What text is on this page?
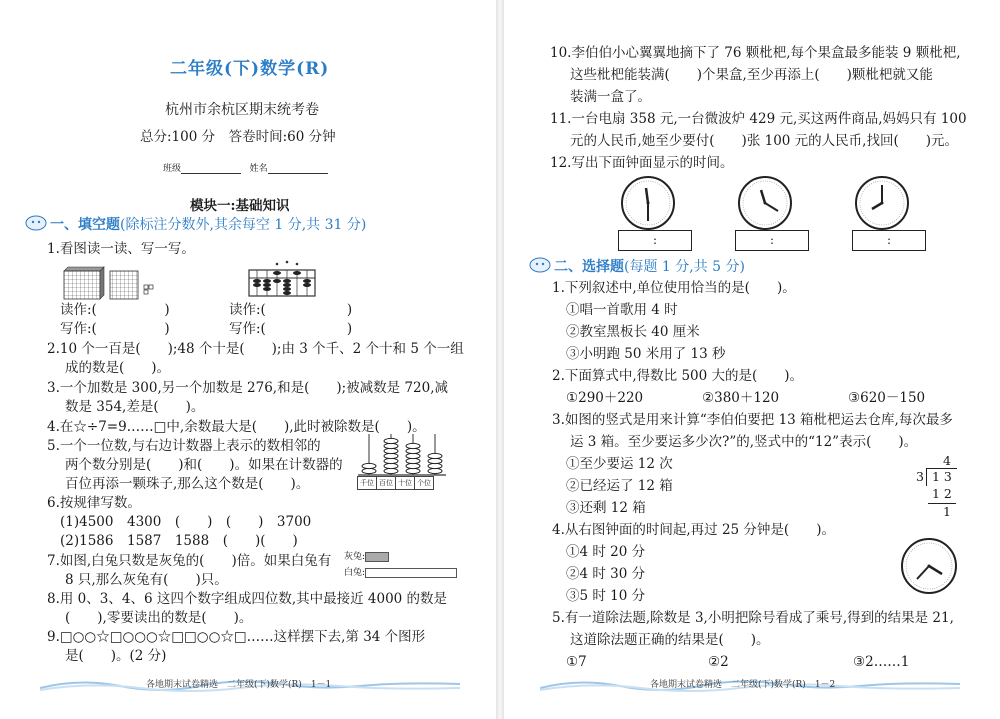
二年级(下)数学(R)
杭州市余杭区期末统考卷
总分:100 分　答卷时间:60 分钟
班级	姓名
模块一:基础知识
一、填空题(除标注分数外,其余每空 1 分,共 31 分)
1.看图读一读、写一写。
读作:(　　　　　)	读作:(　　　　　　)
写作:(　　　　　)	写作:(　　　　　　)
2.10 个一百是(　　);48 个十是(　　);由 3 个千、2 个十和 5 个一组
成的数是(　　)。
3.一个加数是 300,另一个加数是 276,和是(　　);被减数是 720,减
数是 354,差是(　　)。
4.在☆÷7=9……□中,余数最大是(　　),此时被除数是(　　)。
5.一个一位数,与右边计数器上表示的数相邻的
两个数分别是(　　)和(　　)。如果在计数器的
百位再添一颗珠子,那么这个数是(　　)。	千位	百位	十位	个位
6.按规律写数。
(1)4500　4300　(　　)　(　　)　3700
(2)1586　1587　1588　(　　)(　　)
7.如图,白兔只数是灰兔的(　　)倍。如果白兔有
8 只,那么灰兔有(　　)只。
灰兔:
白兔:
8.用 0、3、4、6 这四个数字组成四位数,其中最接近 4000 的数是
(　　),零要读出的数是(　　)。
9.□○○☆□○○○☆□□○○☆□……这样摆下去,第 34 个图形
是(　　)。(2 分)
各地期末试卷精选　二年级(下)数学(R)　1－1
10.李伯伯小心翼翼地摘下了 76 颗枇杷,每个果盒最多能装 9 颗枇杷,
这些枇杷能装满(　　)个果盒,至少再添上(　　)颗枇杷就又能
装满一盒了。
11.一台电扇 358 元,一台微波炉 429 元,买这两件商品,妈妈只有 100
元的人民币,她至少要付(　　)张 100 元的人民币,找回(　　)元。
12.写出下面钟面显示的时间。
:	:	:
二、选择题(每题 1 分,共 5 分)
1.下列叙述中,单位使用恰当的是(　　)。
①唱一首歌用 4 时
②教室黑板长 40 厘米
③小明跑 50 米用了 13 秒
2.下面算式中,得数比 500 大的是(　　)。
①290＋220	②380＋120	③620－150
3.如图的竖式是用来计算“李伯伯要把 13 箱枇杷运去仓库,每次最多
运 3 箱。至少要运多少次?”的,竖式中的“12”表示(　　)。
①至少要运 12 次
②已经运了 12 箱
③还剩 12 箱
4
3 1 3
1 2
1
4.从右图钟面的时间起,再过 25 分钟是(　　)。
①4 时 20 分
②4 时 30 分
③5 时 10 分
5.有一道除法题,除数是 3,小明把除号看成了乘号,得到的结果是 21,
这道除法题正确的结果是(　　)。
①7	②2	③2……1
各地期末试卷精选　二年级(下)数学(R)　1－2
